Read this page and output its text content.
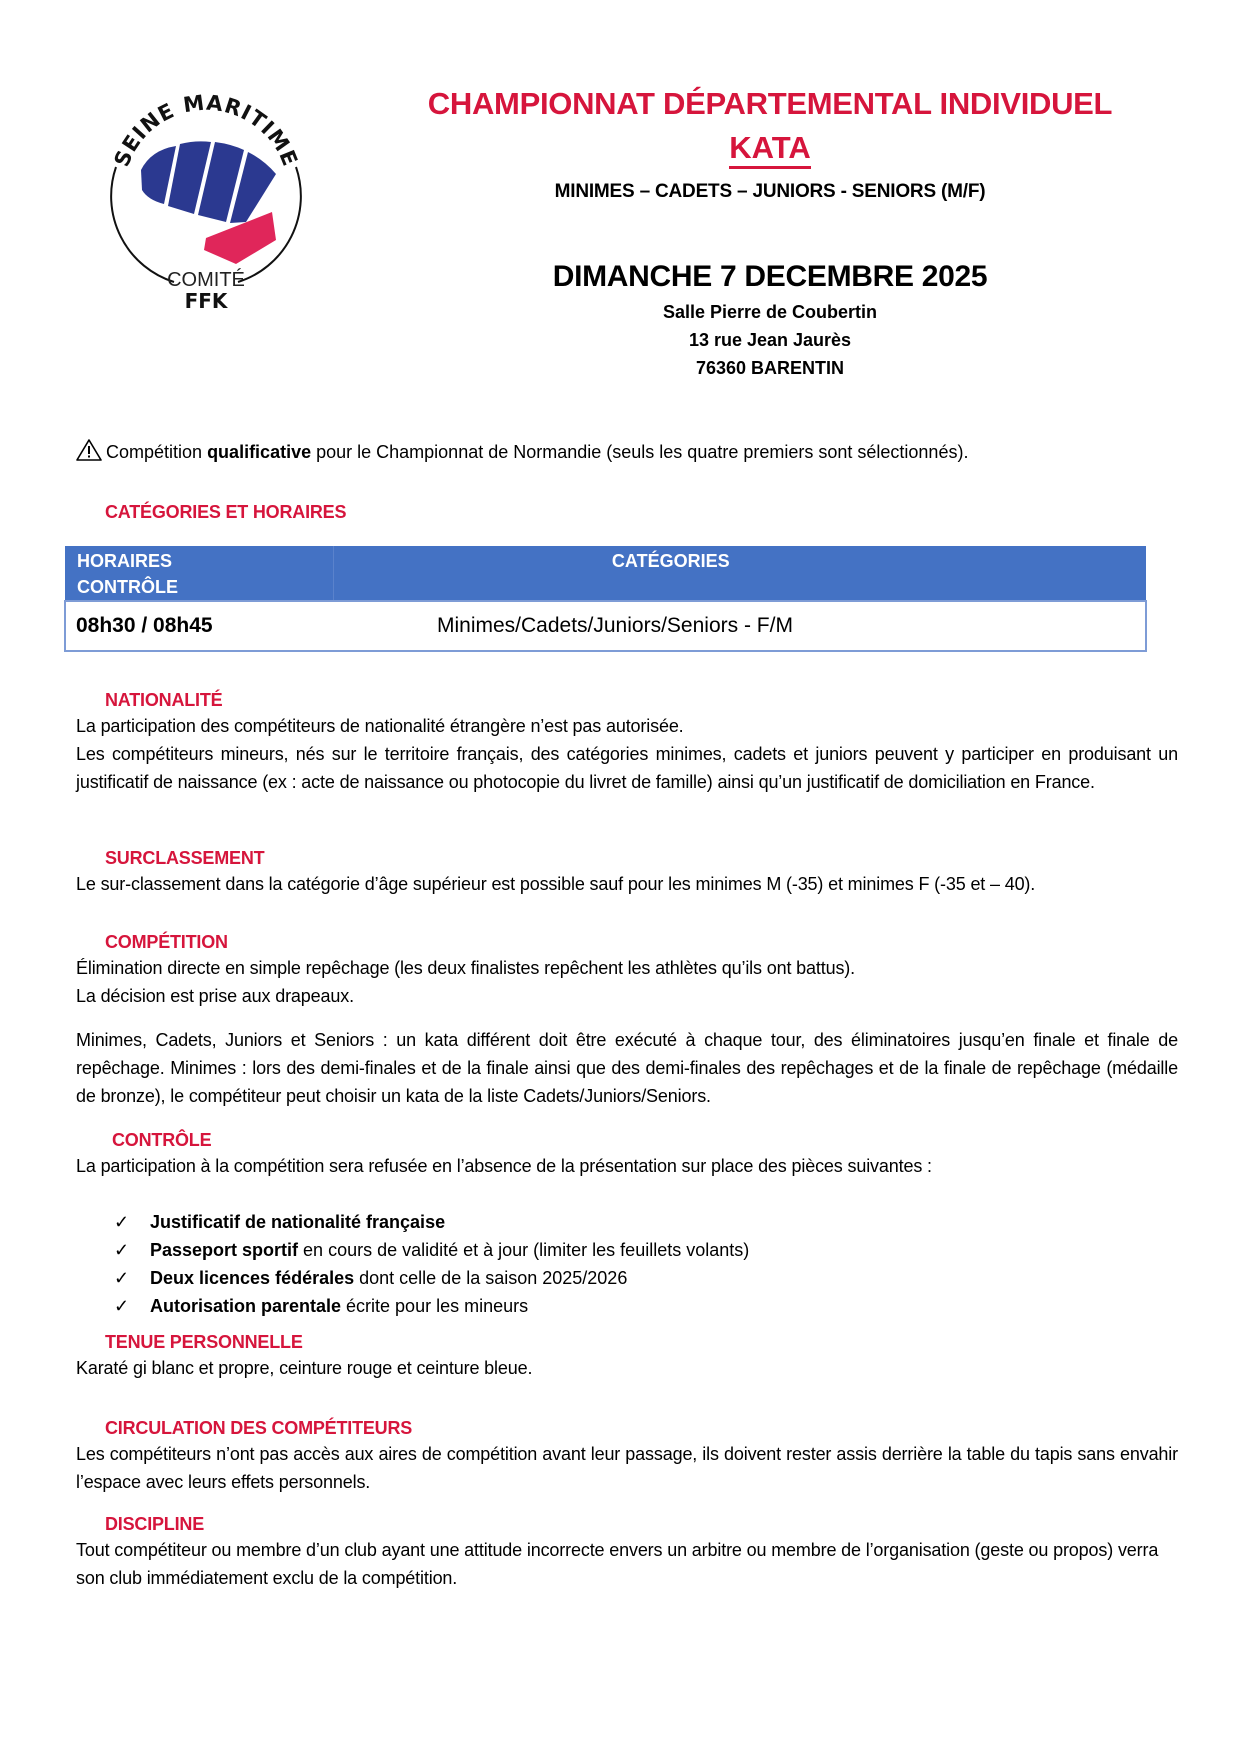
SEINE MARITIME
COMITÉ
FFK
CHAMPIONNAT DÉPARTEMENTAL INDIVIDUEL
KATA
MINIMES – CADETS – JUNIORS - SENIORS (M/F)
DIMANCHE 7 DECEMBRE 2025
Salle Pierre de Coubertin
13 rue Jean Jaurès
76360 BARENTIN
Compétition qualificative pour le Championnat de Normandie (seuls les quatre premiers sont sélectionnés).
CATÉGORIES ET HORAIRES
HORAIRES
CONTRÔLE	CATÉGORIES
08h30 / 08h45	Minimes/Cadets/Juniors/Seniors - F/M
NATIONALITÉ
La participation des compétiteurs de nationalité étrangère n’est pas autorisée.
Les compétiteurs mineurs, nés sur le territoire français, des catégories minimes, cadets et juniors peuvent y participer en produisant un justificatif de naissance (ex : acte de naissance ou photocopie du livret de famille) ainsi qu’un justificatif de domiciliation en France.
SURCLASSEMENT
Le sur-classement dans la catégorie d’âge supérieur est possible sauf pour les minimes M (-35) et minimes F (-35 et – 40).
COMPÉTITION
Élimination directe en simple repêchage (les deux finalistes repêchent les athlètes qu’ils ont battus).
La décision est prise aux drapeaux.
Minimes, Cadets, Juniors et Seniors : un kata différent doit être exécuté à chaque tour, des éliminatoires jusqu’en finale et finale de repêchage. Minimes : lors des demi-finales et de la finale ainsi que des demi-finales des repêchages et de la finale de repêchage (médaille de bronze), le compétiteur peut choisir un kata de la liste Cadets/Juniors/Seniors.
CONTRÔLE
La participation à la compétition sera refusée en l’absence de la présentation sur place des pièces suivantes :
✓ Justificatif de nationalité française
✓ Passeport sportif en cours de validité et à jour (limiter les feuillets volants)
✓ Deux licences fédérales dont celle de la saison 2025/2026
✓ Autorisation parentale écrite pour les mineurs
TENUE PERSONNELLE
Karaté gi blanc et propre, ceinture rouge et ceinture bleue.
CIRCULATION DES COMPÉTITEURS
Les compétiteurs n’ont pas accès aux aires de compétition avant leur passage, ils doivent rester assis derrière la table du tapis sans envahir l’espace avec leurs effets personnels.
DISCIPLINE
Tout compétiteur ou membre d’un club ayant une attitude incorrecte envers un arbitre ou membre de l’organisation (geste ou propos) verra son club immédiatement exclu de la compétition.
